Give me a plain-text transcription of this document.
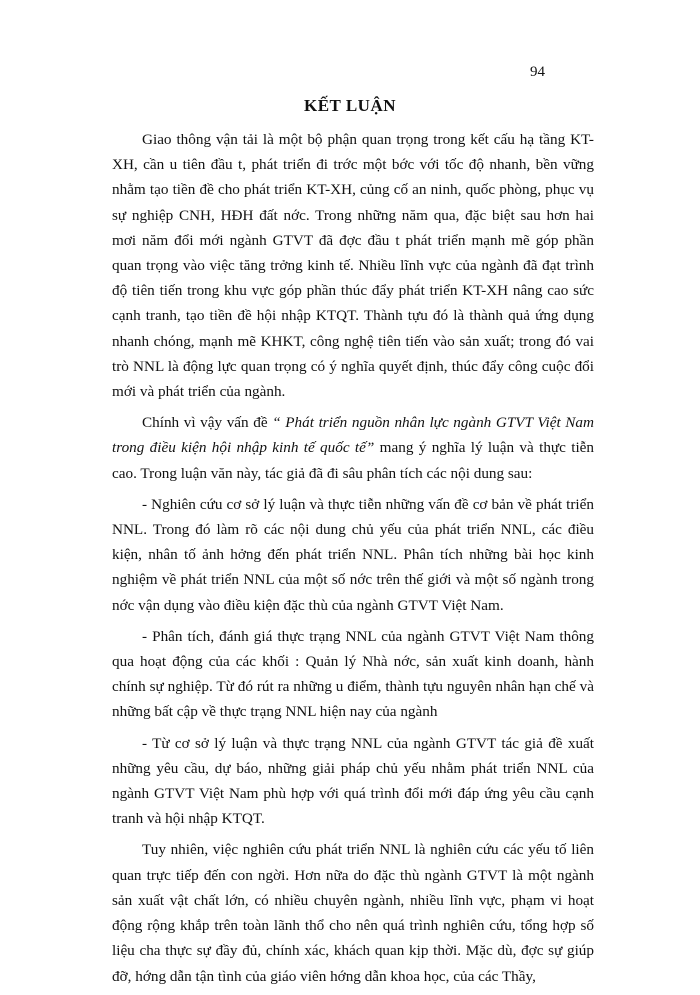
94
KẾT LUẬN

Giao thông vận tải là một bộ phận quan trọng trong kết cấu hạ tầng KT-XH, cần u tiên đầu t, phát triển đi trớc một bớc với tốc độ nhanh, bền vững nhằm tạo tiền đề cho phát triển KT-XH, củng cố an ninh, quốc phòng, phục vụ sự nghiệp CNH, HĐH đất nớc. Trong những năm qua, đặc biệt sau hơn hai mơi năm đổi mới ngành GTVT đã đợc đầu t phát triển mạnh mẽ góp phần quan trọng vào việc tăng trởng kinh tế. Nhiều lĩnh vực của ngành đã đạt trình độ tiên tiến trong khu vực góp phần thúc đẩy phát triển KT-XH nâng cao sức cạnh tranh, tạo tiền đề hội nhập KTQT. Thành tựu đó là thành quả ứng dụng nhanh chóng, mạnh mẽ KHKT, công nghệ tiên tiến vào sản xuất; trong đó vai trò NNL là động lực quan trọng có ý nghĩa quyết định, thúc đẩy công cuộc đổi mới và phát triển của ngành.

Chính vì vậy vấn đề “ Phát triển nguồn nhân lực ngành GTVT Việt Nam trong điều kiện hội nhập kinh tế quốc tế” mang ý nghĩa lý luận và thực tiễn cao. Trong luận văn này, tác giả đã đi sâu phân tích các nội dung sau:

- Nghiên cứu cơ sở lý luận và thực tiễn những vấn đề cơ bản về phát triển NNL. Trong đó làm rõ các nội dung chủ yếu của phát triển NNL, các điều kiện, nhân tố ảnh hởng đến phát triển NNL. Phân tích những bài học kinh nghiệm về phát triển NNL của một số nớc trên thế giới và một số ngành trong nớc vận dụng vào điều kiện đặc thù của ngành GTVT Việt Nam.

- Phân tích, đánh giá thực trạng NNL của ngành GTVT Việt Nam thông qua hoạt động của các khối : Quản lý Nhà nớc, sản xuất kinh doanh, hành chính sự nghiệp. Từ đó rút ra những u điểm, thành tựu nguyên nhân hạn chế và những bất cập về thực trạng NNL hiện nay của ngành

- Từ cơ sở lý luận và thực trạng NNL của ngành GTVT tác giả đề xuất những yêu cầu, dự báo, những giải pháp chủ yếu nhằm phát triển NNL của ngành GTVT Việt Nam phù hợp với quá trình đổi mới đáp ứng yêu cầu cạnh tranh và hội nhập KTQT.

Tuy nhiên, việc nghiên cứu phát triển NNL là nghiên cứu các yếu tố liên quan trực tiếp đến con ngời. Hơn nữa do đặc thù ngành GTVT là một ngành sản xuất vật chất lớn, có nhiều chuyên ngành, nhiều lĩnh vực, phạm vi hoạt động rộng khắp trên toàn lãnh thổ cho nên quá trình nghiên cứu, tổng hợp số liệu cha thực sự đầy đủ, chính xác, khách quan kịp thời. Mặc dù, đợc sự giúp đỡ, hớng dẫn tận tình của giáo viên hớng dẫn khoa học, của các Thầy,
